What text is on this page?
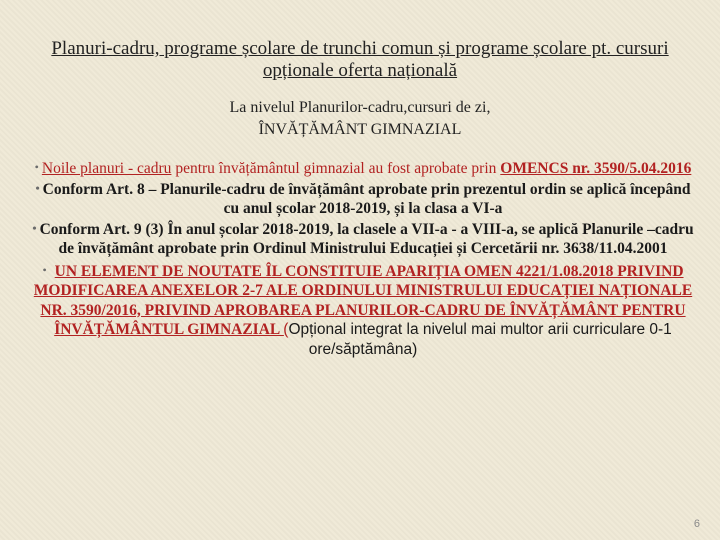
Planuri-cadru, programe școlare de trunchi comun și programe școlare pt. cursuri opționale oferta națională
La nivelul Planurilor-cadru,cursuri de zi,
ÎNVĂȚĂMÂNT GIMNAZIAL

• Noile planuri - cadru pentru învățământul gimnazial au fost aprobate prin OMENCS nr. 3590/5.04.2016

• Conform Art. 8 – Planurile-cadru de învățământ aprobate prin prezentul ordin se aplică începând cu anul școlar 2018-2019, și la clasa a VI-a

• Conform Art. 9 (3) În anul școlar 2018-2019, la clasele a VII-a - a VIII-a, se aplică Planurile –cadru de învățământ aprobate prin Ordinul Ministrului Educației și Cercetării nr. 3638/11.04.2001

• UN ELEMENT DE NOUTATE ÎL CONSTITUIE APARIȚIA OMEN 4221/1.08.2018 PRIVIND
MODIFICAREA ANEXELOR 2-7 ALE ORDINULUI MINISTRULUI EDUCAȚIEI NAȚIONALE NR. 3590/2016, PRIVIND APROBAREA PLANURILOR-CADRU DE ÎNVĂȚĂMÂNT PENTRU ÎNVĂȚĂMÂNTUL GIMNAZIAL (Opțional integrat la nivelul mai multor arii curriculare 0-1 ore/săptămâna)

6
